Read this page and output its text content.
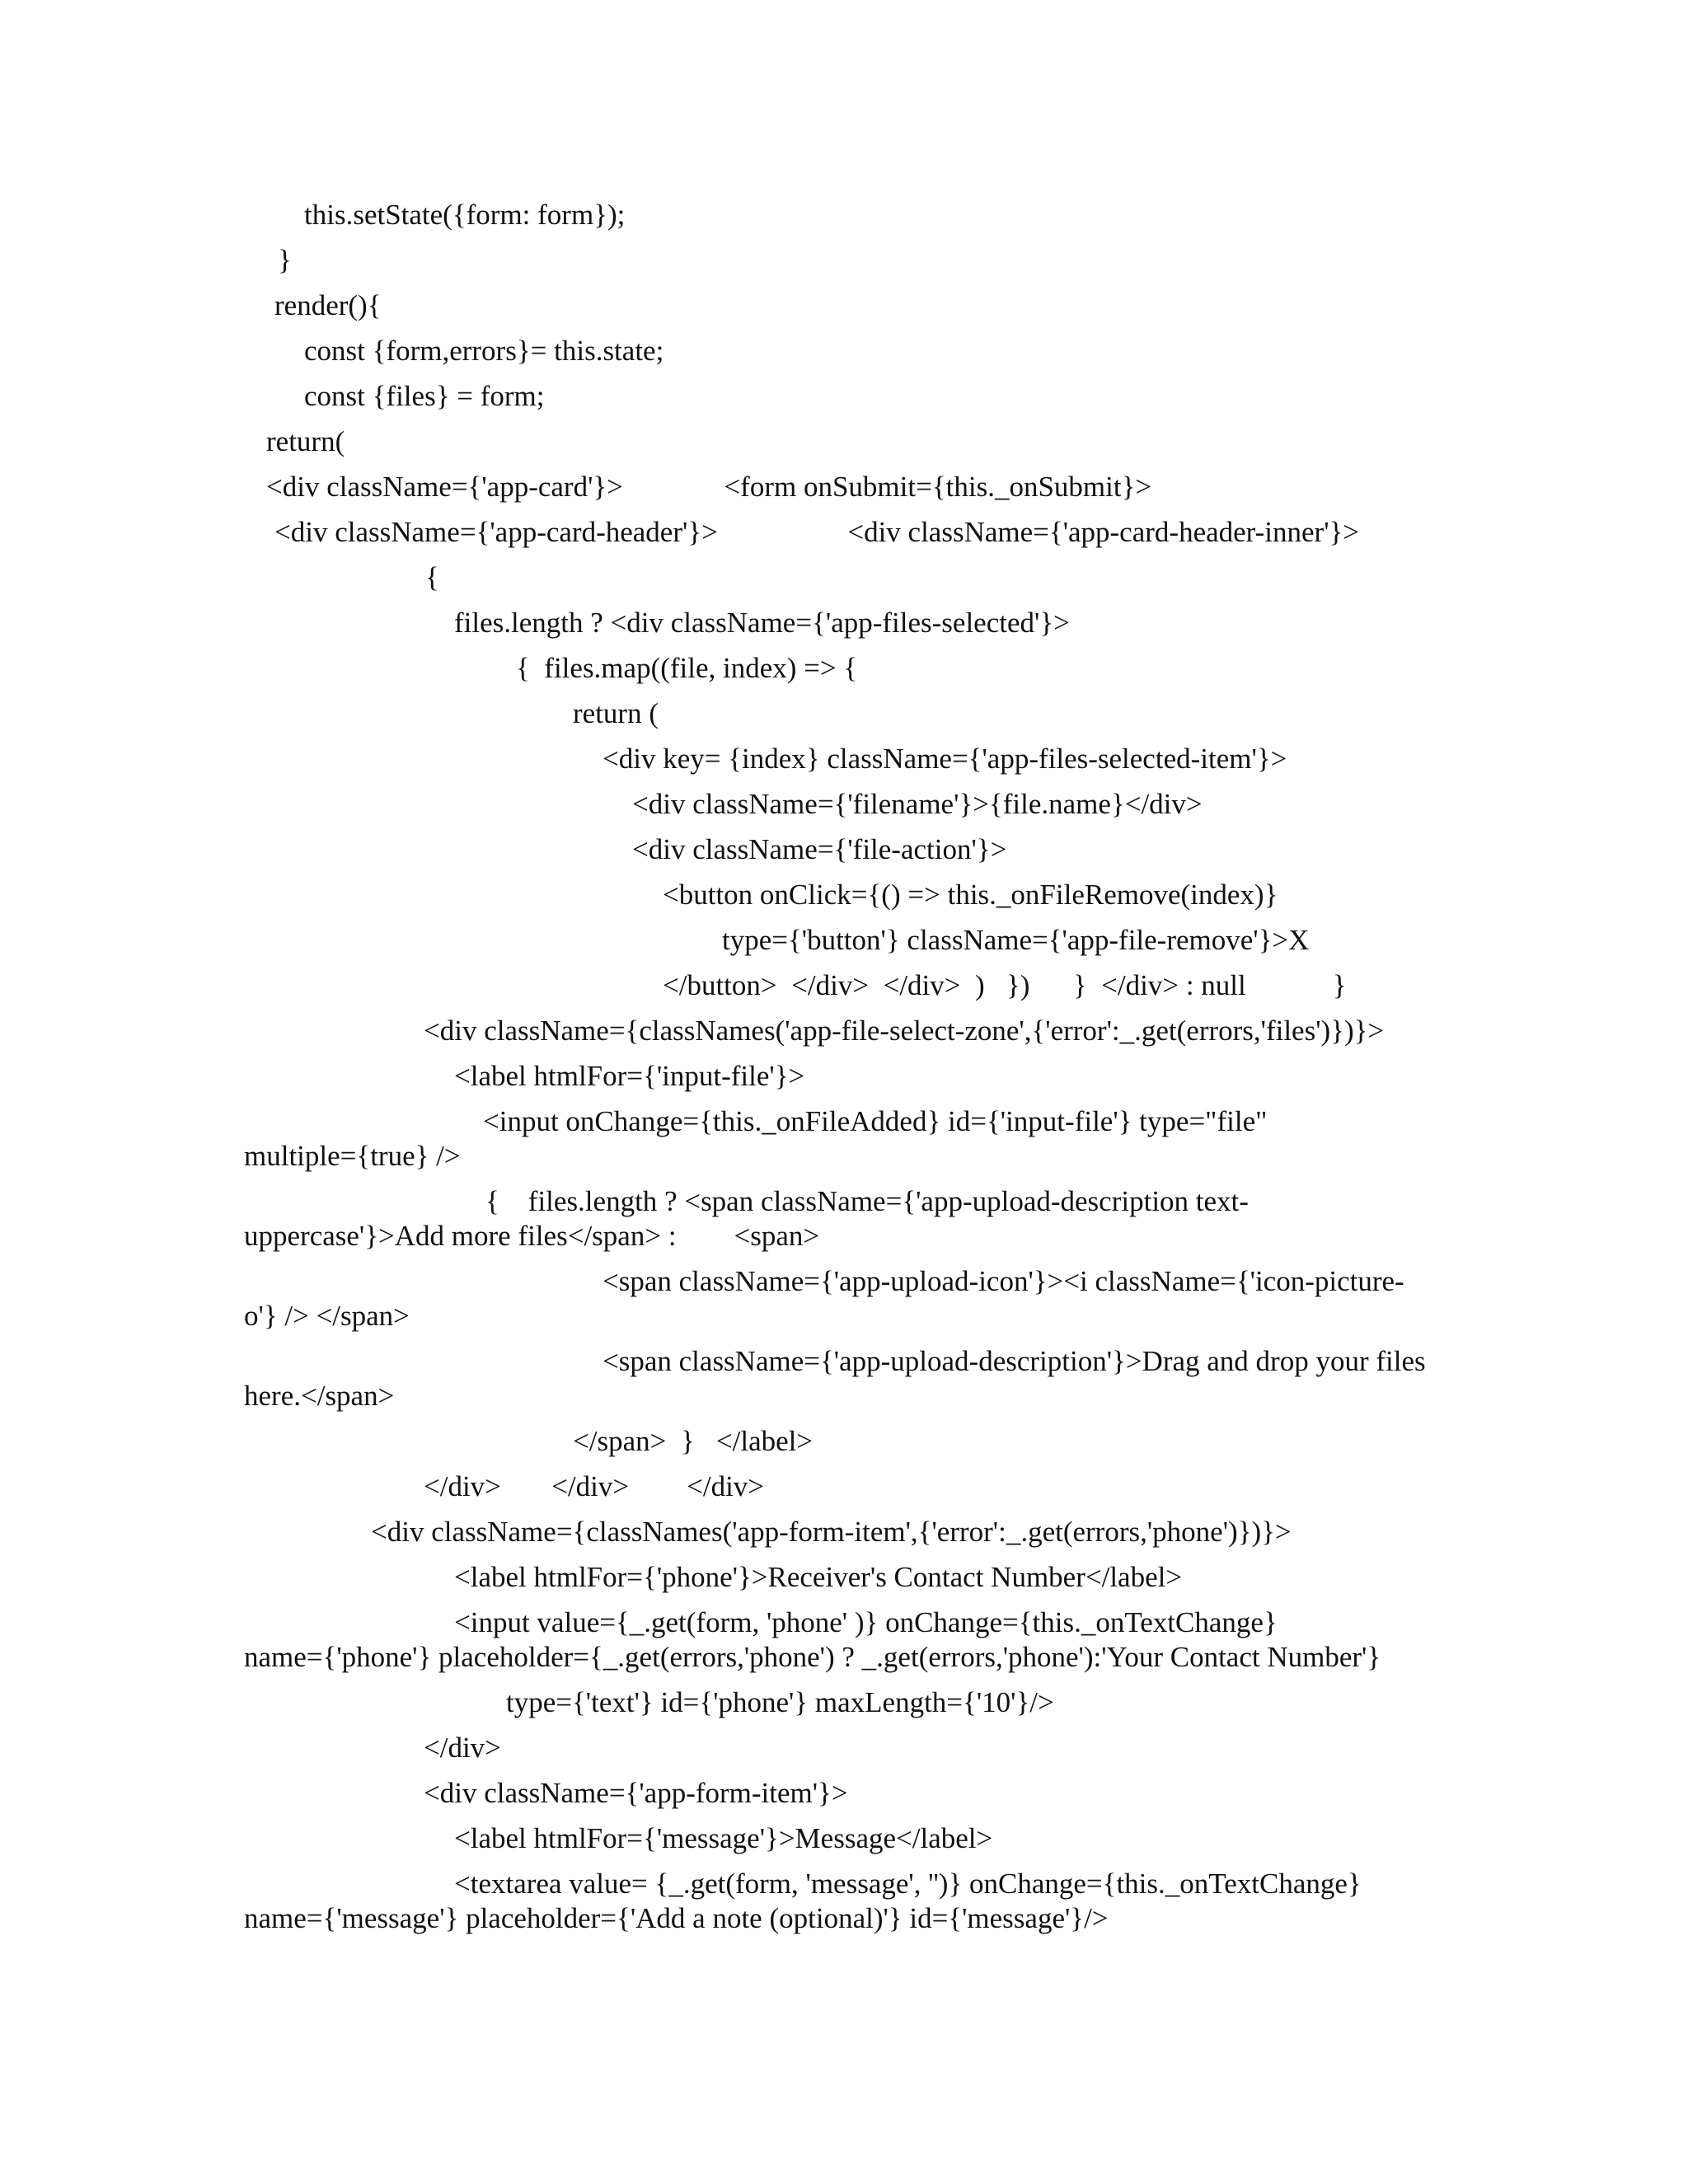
this.setState({form: form});

}

render(){

const {form,errors}= this.state;

const {files} = form;

return(

<div className={'app-card'}>              <form onSubmit={this._onSubmit}>

<div className={'app-card-header'}>                  <div className={'app-card-header-inner'}>

{

files.length ? <div className={'app-files-selected'}>

{  files.map((file, index) => {

return (

<div key= {index} className={'app-files-selected-item'}>

<div className={'filename'}>{file.name}</div>

<div className={'file-action'}>

<button onClick={() => this._onFileRemove(index)}

type={'button'} className={'app-file-remove'}>X

</button>  </div>  </div>  )   })      }  </div> : null            }

<div className={classNames('app-file-select-zone',{'error':_.get(errors,'files')})}>

<label htmlFor={'input-file'}>

<input onChange={this._onFileAdded} id={'input-file'} type="file"

multiple={true} />

{    files.length ? <span className={'app-upload-description text-

uppercase'}>Add more files</span> :        <span>

<span className={'app-upload-icon'}><i className={'icon-picture-

o'} /> </span>

<span className={'app-upload-description'}>Drag and drop your files

here.</span>

</span>  }   </label>

</div>       </div>        </div>

<div className={classNames('app-form-item',{'error':_.get(errors,'phone')})}>

<label htmlFor={'phone'}>Receiver's Contact Number</label>

<input value={_.get(form, 'phone' )} onChange={this._onTextChange}

name={'phone'} placeholder={_.get(errors,'phone') ? _.get(errors,'phone'):'Your Contact Number'}

type={'text'} id={'phone'} maxLength={'10'}/>

</div>

<div className={'app-form-item'}>

<label htmlFor={'message'}>Message</label>

<textarea value= {_.get(form, 'message', '')} onChange={this._onTextChange}

name={'message'} placeholder={'Add a note (optional)'} id={'message'}/>
